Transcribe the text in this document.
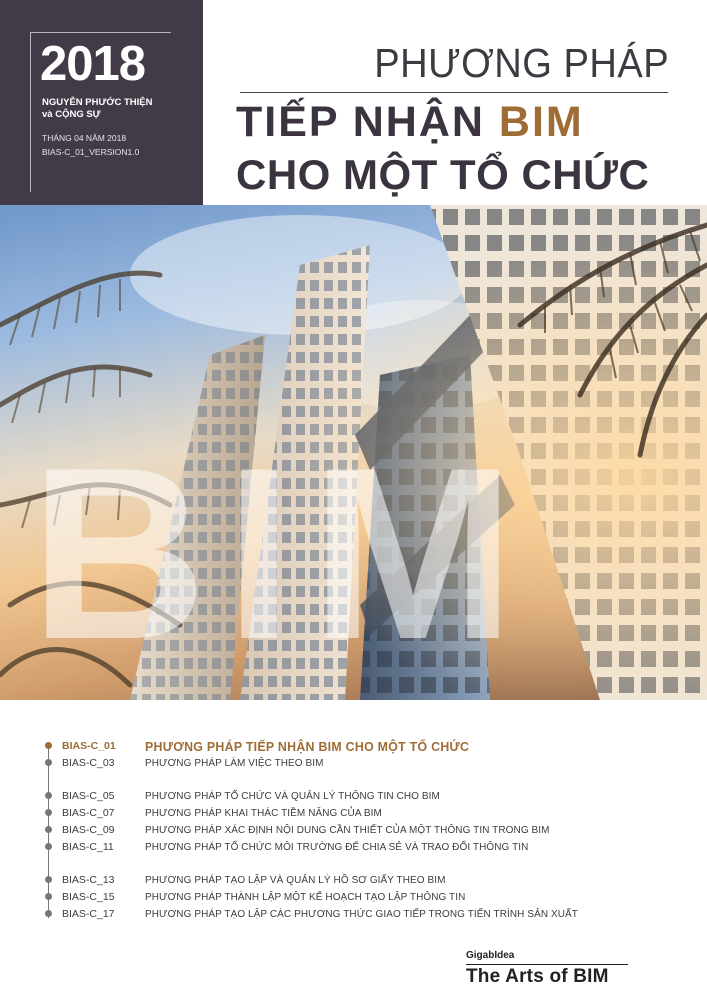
2018
NGUYỄN PHƯỚC THIỆN
và CỘNG SỰ
THÁNG 04 NĂM 2018
BIAS-C_01_VERSION1.0
PHƯƠNG PHÁP
TIẾP NHẬN BIM
CHO MỘT TỔ CHỨC
BIM
BIAS-C_01	PHƯƠNG PHÁP TIẾP NHẬN BIM CHO MỘT TỔ CHỨC
BIAS-C_03	PHƯƠNG PHÁP LÀM VIỆC THEO BIM
BIAS-C_05	PHƯƠNG PHÁP TỔ CHỨC VÀ QUẢN LÝ THÔNG TIN CHO BIM
BIAS-C_07	PHƯƠNG PHÁP KHAI THÁC TIỀM NĂNG CỦA BIM
BIAS-C_09	PHƯƠNG PHÁP XÁC ĐỊNH NỘI DUNG CẦN THIẾT CỦA MỘT THÔNG TIN TRONG BIM
BIAS-C_11	PHƯƠNG PHÁP TỔ CHỨC MÔI TRƯỜNG ĐỂ CHIA SẺ VÀ TRAO ĐỔI THÔNG TIN
BIAS-C_13	PHƯƠNG PHÁP TẠO LẬP VÀ QUẢN LÝ HỒ SƠ GIẤY THEO BIM
BIAS-C_15	PHƯƠNG PHÁP THÀNH LẬP MỘT KẾ HOẠCH TẠO LẬP THÔNG TIN
BIAS-C_17	PHƯƠNG PHÁP TẠO LẬP CÁC PHƯƠNG THỨC GIAO TIẾP TRONG TIẾN TRÌNH SẢN XUẤT
GigabIdea
The Arts of BIM
